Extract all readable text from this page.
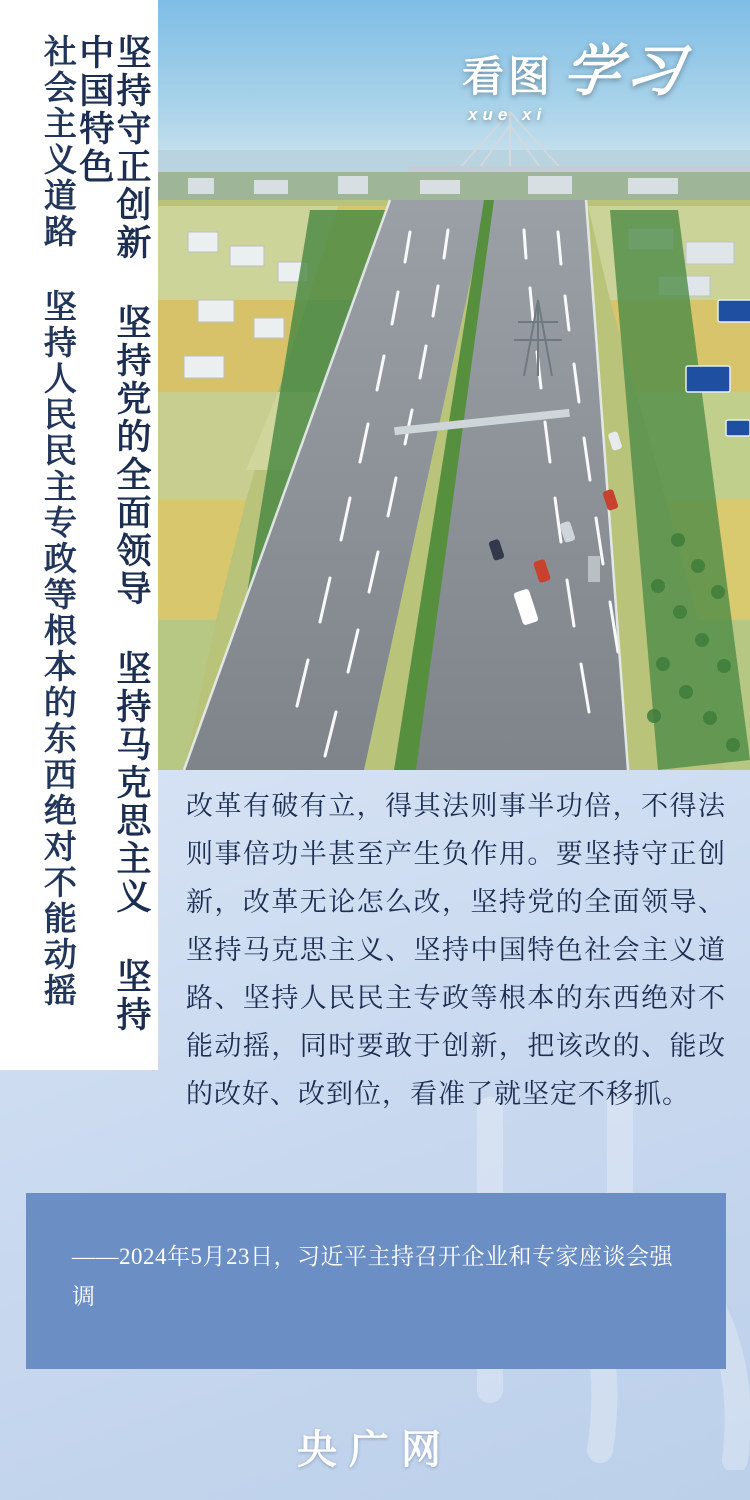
坚持守正创新 坚持党的全面领导 坚持马克思主义 坚持中国特色
社会主义道路 坚持人民民主专政等根本的东西绝对不能动摇	看图 学习
xue xi
改革有破有立，得其法则事半功倍，不得法则事倍功半甚至产生负作用。要坚持守正创新，改革无论怎么改，坚持党的全面领导、坚持马克思主义、坚持中国特色社会主义道路、坚持人民民主专政等根本的东西绝对不能动摇，同时要敢于创新，把该改的、能改的改好、改到位，看准了就坚定不移抓。
——2024年5月23日，习近平主持召开企业和专家座谈会强调
央广网
